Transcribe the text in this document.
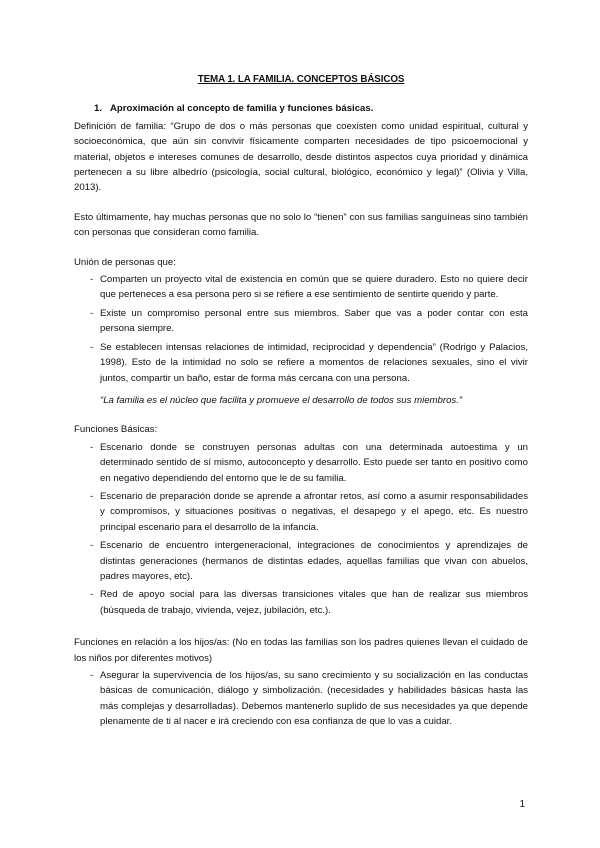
TEMA 1. LA FAMILIA. CONCEPTOS BÁSICOS
1. Aproximación al concepto de familia y funciones básicas.

Definición de familia: “Grupo de dos o más personas que coexisten como unidad espiritual, cultural y socioeconómica, que aún sin convivir físicamente comparten necesidades de tipo psicoemocional y material, objetos e intereses comunes de desarrollo, desde distintos aspectos cuya prioridad y dinámica pertenecen a su libre albedrío (psicología, social cultural, biológico, económico y legal)” (Olivia y Villa, 2013).

Esto últimamente, hay muchas personas que no solo lo “tienen” con sus familias sanguíneas sino también con personas que consideran como familia.

Unión de personas que:

- Comparten un proyecto vital de existencia en común que se quiere duradero. Esto no quiere decir que perteneces a esa persona pero si se refiere a ese sentimiento de sentirte querido y parte.
- Existe un compromiso personal entre sus miembros. Saber que vas a poder contar con esta persona siempre.
- Se establecen intensas relaciones de intimidad, reciprocidad y dependencia” (Rodrigo y Palacios, 1998). Esto de la intimidad no solo se refiere a momentos de relaciones sexuales, sino el vivir juntos, compartir un baño, estar de forma más cercana con una persona.

“La familia es el núcleo que facilita y promueve el desarrollo de todos sus miembros.”

Funciones Básicas:

- Escenario donde se construyen personas adultas con una determinada autoestima y un determinado sentido de sí mismo, autoconcepto y desarrollo. Esto puede ser tanto en positivo como en negativo dependiendo del entorno que le de su familia.
- Escenario de preparación donde se aprende a afrontar retos, así como a asumir responsabilidades y compromisos, y situaciones positivas o negativas, el desapego y el apego, etc. Es nuestro principal escenario para el desarrollo de la infancia.
- Escenario de encuentro intergeneracional, integraciones de conocimientos y aprendizajes de distintas generaciones (hermanos de distintas edades, aquellas familias que vivan con abuelos, padres mayores, etc).
- Red de apoyo social para las diversas transiciones vitales que han de realizar sus miembros (búsqueda de trabajo, vivienda, vejez, jubilación, etc.).

Funciones en relación a los hijos/as: (No en todas las familias son los padres quienes llevan el cuidado de los niños por diferentes motivos)

- Asegurar la supervivencia de los hijos/as, su sano crecimiento y su socialización en las conductas básicas de comunicación, diálogo y simbolización. (necesidades y habilidades básicas hasta las más complejas y desarrolladas). Debemos mantenerlo suplido de sus necesidades ya que depende plenamente de ti al nacer e irá creciendo con esa confianza de que lo vas a cuidar.
1
